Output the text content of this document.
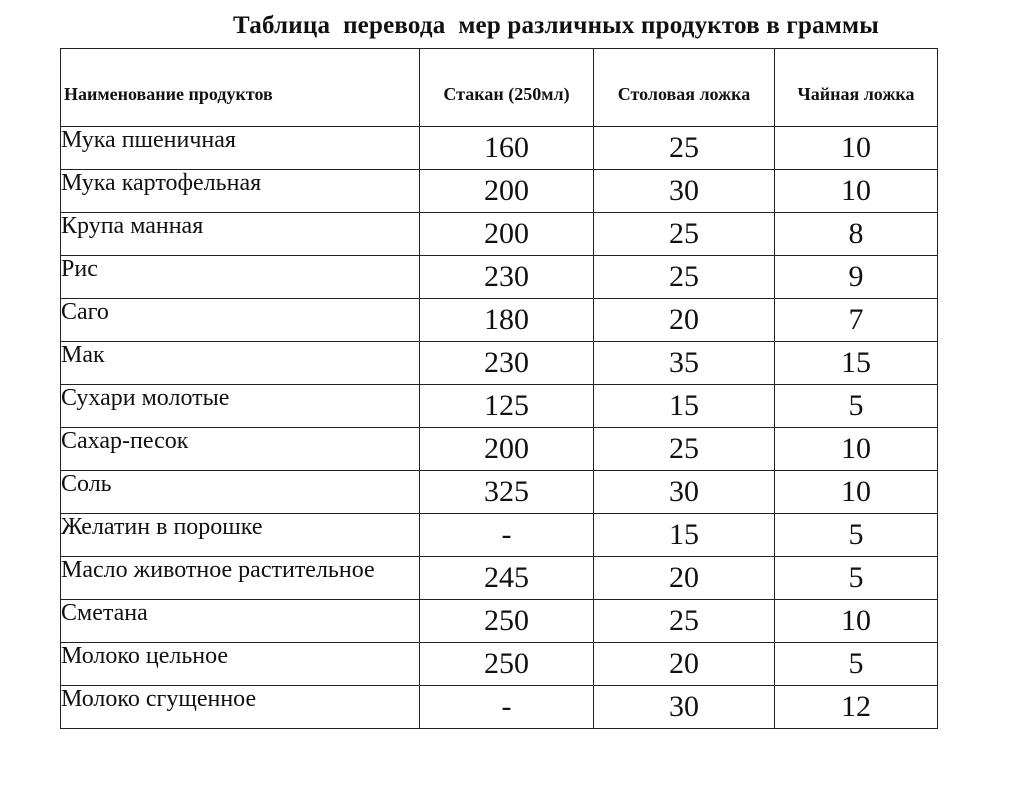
Таблица  перевода  мер различных продуктов в граммы
Наименование продуктов	Стакан (250мл)	Столовая ложка	Чайная ложка
Мука пшеничная	160	25	10
Мука картофельная	200	30	10
Крупа манная	200	25	8
Рис	230	25	9
Саго	180	20	7
Мак	230	35	15
Сухари молотые	125	15	5
Сахар-песок	200	25	10
Соль	325	30	10
Желатин в порошке	-	15	5
Масло животное растительное	245	20	5
Сметана	250	25	10
Молоко цельное	250	20	5
Молоко сгущенное	-	30	12
